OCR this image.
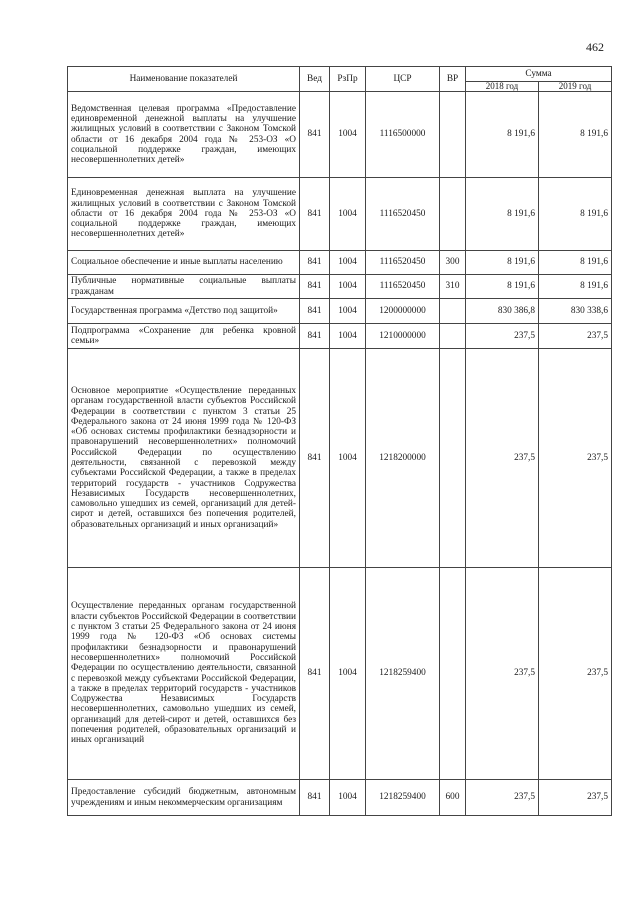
462
Наименование показателей	Вед	РзПр	ЦСР	ВР	Сумма	
					2018 год	2019 год
Ведомственная целевая программа «Предоставление единовременной денежной выплаты на улучшение жилищных условий в соответствии с Законом Томской области от 16 декабря 2004 года № 253-ОЗ «О социальной поддержке граждан, имеющих несовершеннолетних детей»	841	1004	1116500000		8 191,6	8 191,6
Единовременная денежная выплата на улучшение жилищных условий в соответствии с Законом Томской области от 16 декабря 2004 года № 253-ОЗ «О социальной поддержке граждан, имеющих несовершеннолетних детей»	841	1004	1116520450		8 191,6	8 191,6
Социальное обеспечение и иные выплаты населению	841	1004	1116520450	300	8 191,6	8 191,6
Публичные нормативные социальные выплаты гражданам	841	1004	1116520450	310	8 191,6	8 191,6
Государственная программа «Детство под защитой»	841	1004	1200000000		830 386,8	830 338,6
Подпрограмма «Сохранение для ребенка кровной семьи»	841	1004	1210000000		237,5	237,5
Основное мероприятие «Осуществление переданных органам государственной власти субъектов Российской Федерации в соответствии с пунктом 3 статьи 25 Федерального закона от 24 июня 1999 года № 120-ФЗ «Об основах системы профилактики безнадзорности и правонарушений несовершеннолетних» полномочий Российской Федерации по осуществлению деятельности, связанной с перевозкой между субъектами Российской Федерации, а также в пределах территорий государств - участников Содружества Независимых Государств несовершеннолетних, самовольно ушедших из семей, организаций для детей-сирот и детей, оставшихся без попечения родителей, образовательных организаций и иных организаций»	841	1004	1218200000		237,5	237,5
Осуществление переданных органам государственной власти субъектов Российской Федерации в соответствии с пунктом 3 статьи 25 Федерального закона от 24 июня 1999 года № 120-ФЗ «Об основах системы профилактики безнадзорности и правонарушений несовершеннолетних» полномочий Российской Федерации по осуществлению деятельности, связанной с перевозкой между субъектами Российской Федерации, а также в пределах территорий государств - участников Содружества Независимых Государств несовершеннолетних, самовольно ушедших из семей, организаций для детей-сирот и детей, оставшихся без попечения родителей, образовательных организаций и иных организаций	841	1004	1218259400		237,5	237,5
Предоставление субсидий бюджетным, автономным учреждениям и иным некоммерческим организациям	841	1004	1218259400	600	237,5	237,5
